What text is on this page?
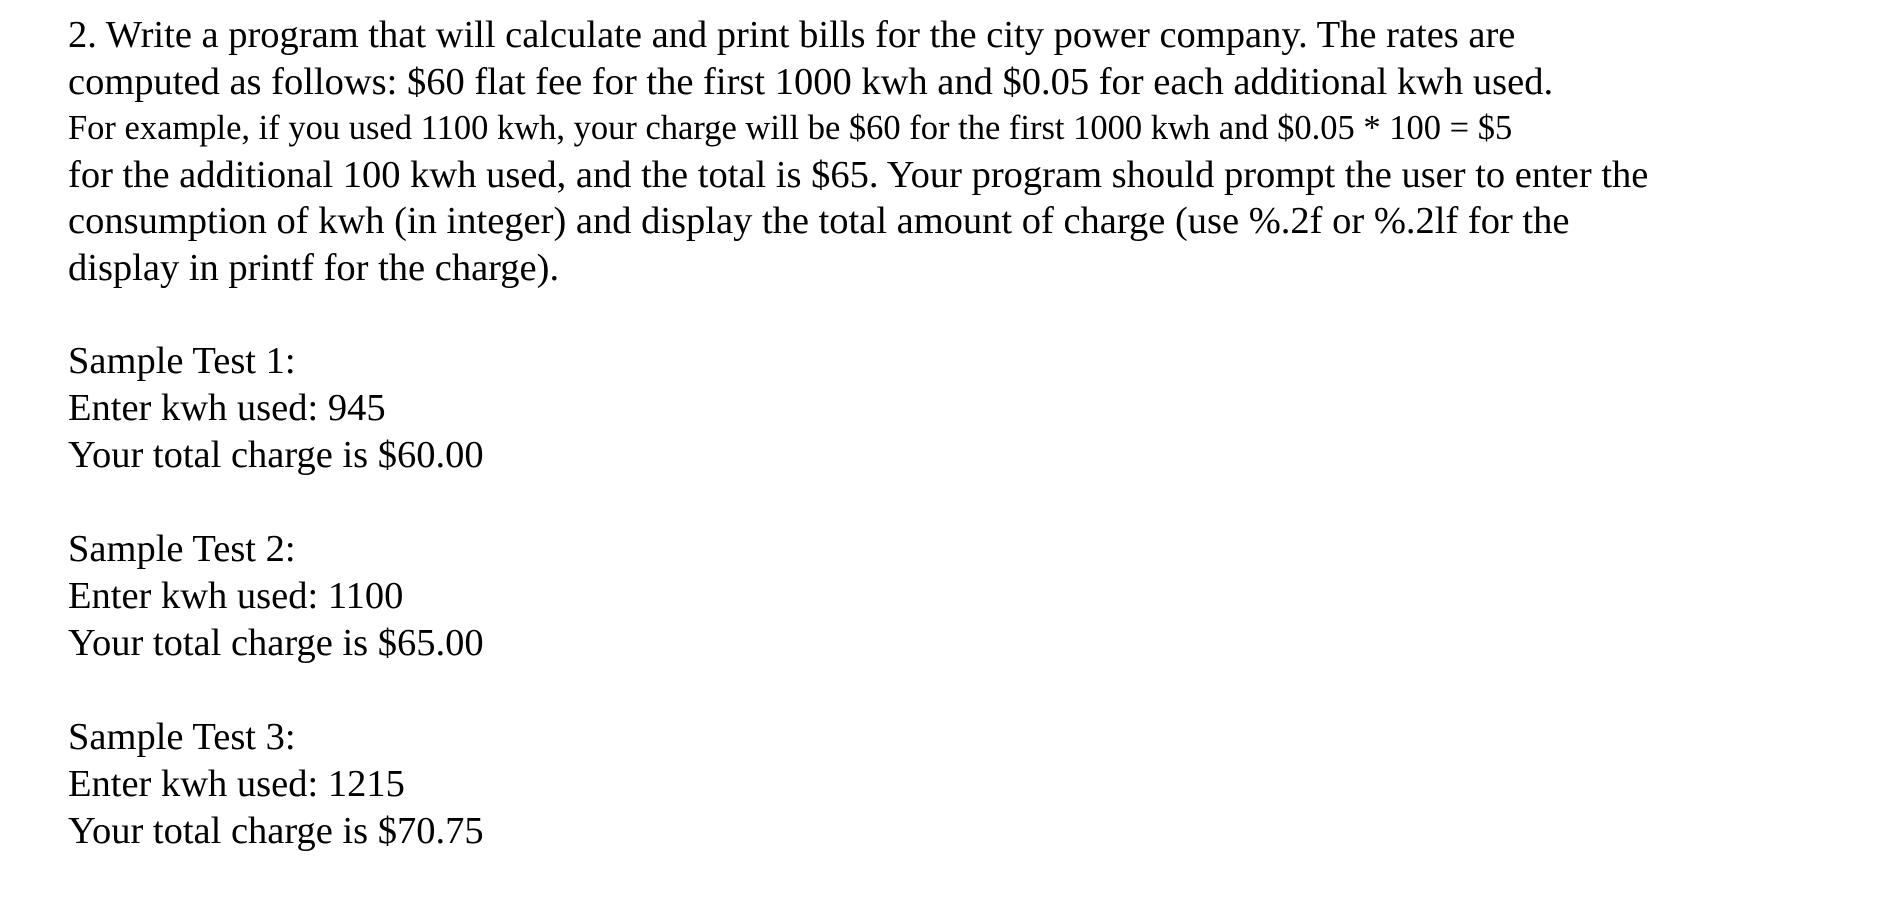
2. Write a program that will calculate and print bills for the city power company. The rates are
computed as follows: $60 flat fee for the first 1000 kwh and $0.05 for each additional kwh used.
For example, if you used 1100 kwh, your charge will be $60 for the first 1000 kwh and $0.05 * 100 = $5
for the additional 100 kwh used, and the total is $65. Your program should prompt the user to enter the
consumption of kwh (in integer) and display the total amount of charge (use %.2f or %.2lf for the
display in printf for the charge).
Sample Test 1:
Enter kwh used: 945
Your total charge is $60.00
Sample Test 2:
Enter kwh used: 1100
Your total charge is $65.00
Sample Test 3:
Enter kwh used: 1215
Your total charge is $70.75
